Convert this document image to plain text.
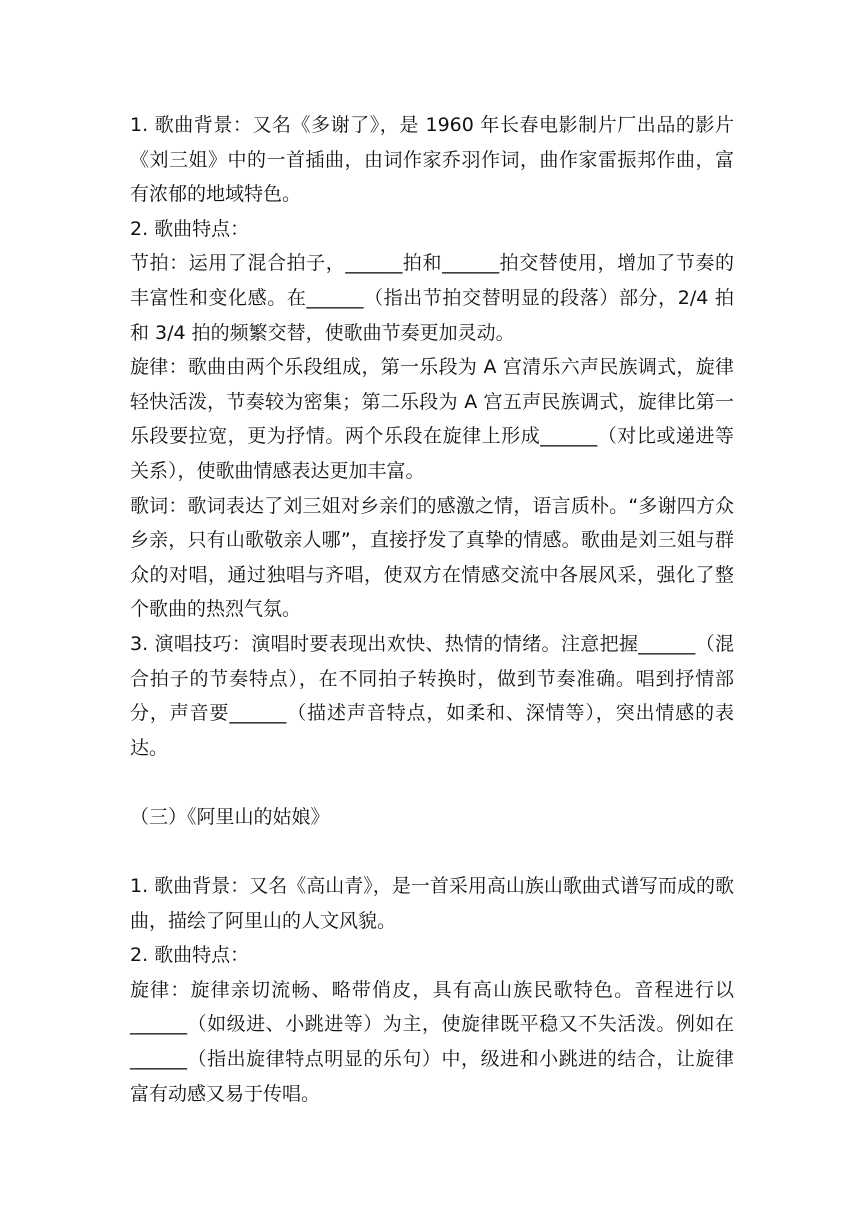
1. 歌曲背景：又名《多谢了》，是 1960 年长春电影制片厂出品的影片《刘三姐》中的一首插曲，由词作家乔羽作词，曲作家雷振邦作曲，富有浓郁的地域特色。

2. 歌曲特点：

节拍：运用了混合拍子，______拍和______拍交替使用，增加了节奏的丰富性和变化感。在______（指出节拍交替明显的段落）部分，2/4 拍和 3/4 拍的频繁交替，使歌曲节奏更加灵动。

旋律：歌曲由两个乐段组成，第一乐段为 A 宫清乐六声民族调式，旋律轻快活泼，节奏较为密集；第二乐段为 A 宫五声民族调式，旋律比第一乐段要拉宽，更为抒情。两个乐段在旋律上形成______（对比或递进等关系），使歌曲情感表达更加丰富。

歌词：歌词表达了刘三姐对乡亲们的感激之情，语言质朴。“多谢四方众乡亲，只有山歌敬亲人哪”，直接抒发了真挚的情感。歌曲是刘三姐与群众的对唱，通过独唱与齐唱，使双方在情感交流中各展风采，强化了整个歌曲的热烈气氛。

3. 演唱技巧：演唱时要表现出欢快、热情的情绪。注意把握______（混合拍子的节奏特点），在不同拍子转换时，做到节奏准确。唱到抒情部分，声音要______（描述声音特点，如柔和、深情等），突出情感的表达。

（三）《阿里山的姑娘》

1. 歌曲背景：又名《高山青》，是一首采用高山族山歌曲式谱写而成的歌曲，描绘了阿里山的人文风貌。

2. 歌曲特点：

旋律：旋律亲切流畅、略带俏皮，具有高山族民歌特色。音程进行以______（如级进、小跳进等）为主，使旋律既平稳又不失活泼。例如在______（指出旋律特点明显的乐句）中，级进和小跳进的结合，让旋律富有动感又易于传唱。
